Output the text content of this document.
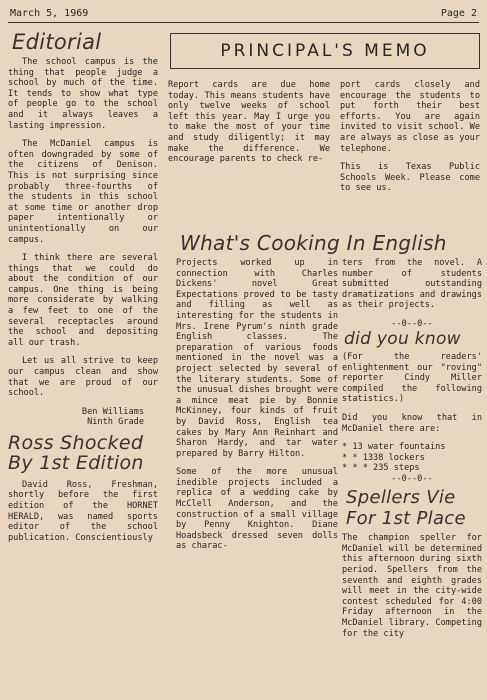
March 5, 1969	Page 2
Editorial

The school campus is the thing that people judge a school by much of the time. It tends to show what type of people go to the school and it always leaves a lasting impression.

The McDaniel campus is often downgraded by some of the citizens of Denison. This is not surprising since probably three-fourths of the students in this school at some time or another drop paper intentionally or unintentionally on our campus.

I think there are several things that we could do about the condition of our campus. One thing is being more considerate by walking a few feet to one of the several receptacles around the school and depositing all our trash.

Let us all strive to keep our campus clean and show that we are proud of our school.

Ben Williams
Ninth Grade
Ross Shocked By 1st Edition

David Ross, Freshman, shortly before the first edition of the HORNET HERALD, was named sports editor of the school publication. Conscientiously

PRINCIPAL'S MEMO

Report cards are due home today. This means students have only twelve weeks of school left this year. May I urge you to make the most of your time and study diligently; it may make the difference. We encourage parents to check re-

port cards closely and encourage the students to put forth their best efforts. You are again invited to visit school. We are always as close as your telephone.

This is Texas Public Schools Week. Please come to see us.

What's Cooking In English

Projects worked up in connection with Charles Dickens' novel Great Expectations proved to be tasty and filling as well as interesting for the students in Mrs. Irene Pyrum's ninth grade English classes. The preparation of various foods mentioned in the novel was a project selected by several of the literary students. Some of the unusual dishes brought were a mince meat pie by Bonnie McKinney, four kinds of fruit by David Ross, English tea cakes by Mary Ann Reinhart and Sharon Hardy, and tar water prepared by Barry Hilton.

Some of the more unusual inedible projects included a replica of a wedding cake by McClell Anderson, and the construction of a small village by Penny Knighton. Diane Hoadsbeck dressed seven dolls as charac-

ters from the novel. A number of students submitted outstanding dramatizations and drawings as their projects.

--0--0--
did you know

(For the readers' enlightenment our "roving" reporter Cindy Miller compiled the following statistics.)

Did you know that in McDaniel there are:

* 13 water fountains

* * 1338 lockers

* * * 235 steps

--0--0--
Spellers Vie For 1st Place

The champion speller for McDaniel will be determined this afternoon during sixth period. Spellers from the seventh and eighth grades will meet in the city-wide contest scheduled for 4:00 Friday afternoon in the McDaniel library. Competing for the city
